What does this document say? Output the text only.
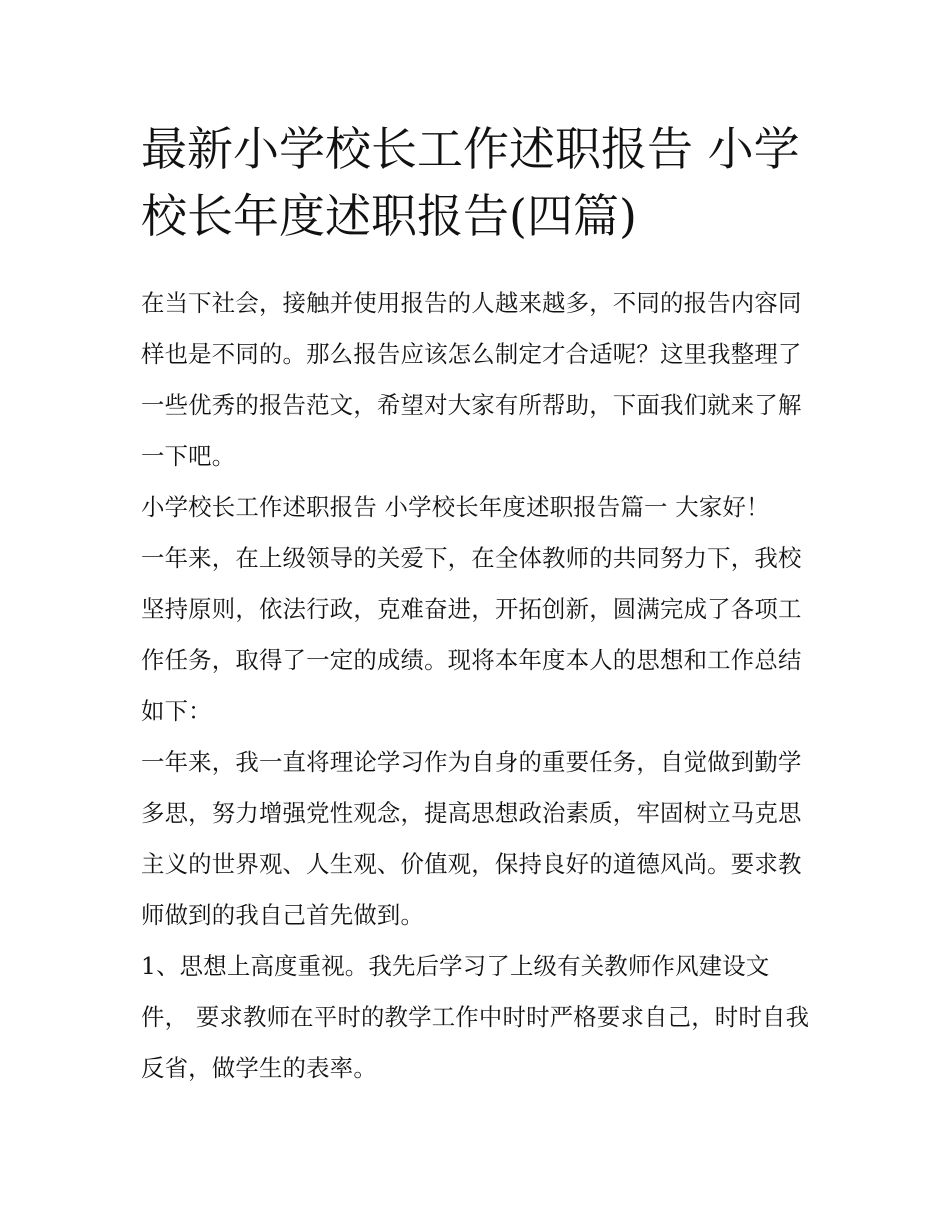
最新小学校长工作述职报告 小学校长年度述职报告(四篇)

在当下社会，接触并使用报告的人越来越多，不同的报告内容同样也是不同的。那么报告应该怎么制定才合适呢？这里我整理了一些优秀的报告范文，希望对大家有所帮助，下面我们就来了解一下吧。

小学校长工作述职报告 小学校长年度述职报告篇一 大家好！

一年来，在上级领导的关爱下，在全体教师的共同努力下，我校坚持原则，依法行政，克难奋进，开拓创新，圆满完成了各项工作任务，取得了一定的成绩。现将本年度本人的思想和工作总结如下：

一年来，我一直将理论学习作为自身的重要任务，自觉做到勤学多思，努力增强党性观念，提高思想政治素质，牢固树立马克思主义的世界观、人生观、价值观，保持良好的道德风尚。要求教师做到的我自己首先做到。

1、思想上高度重视。我先后学习了上级有关教师作风建设文件， 要求教师在平时的教学工作中时时严格要求自己，时时自我反省，做学生的表率。
